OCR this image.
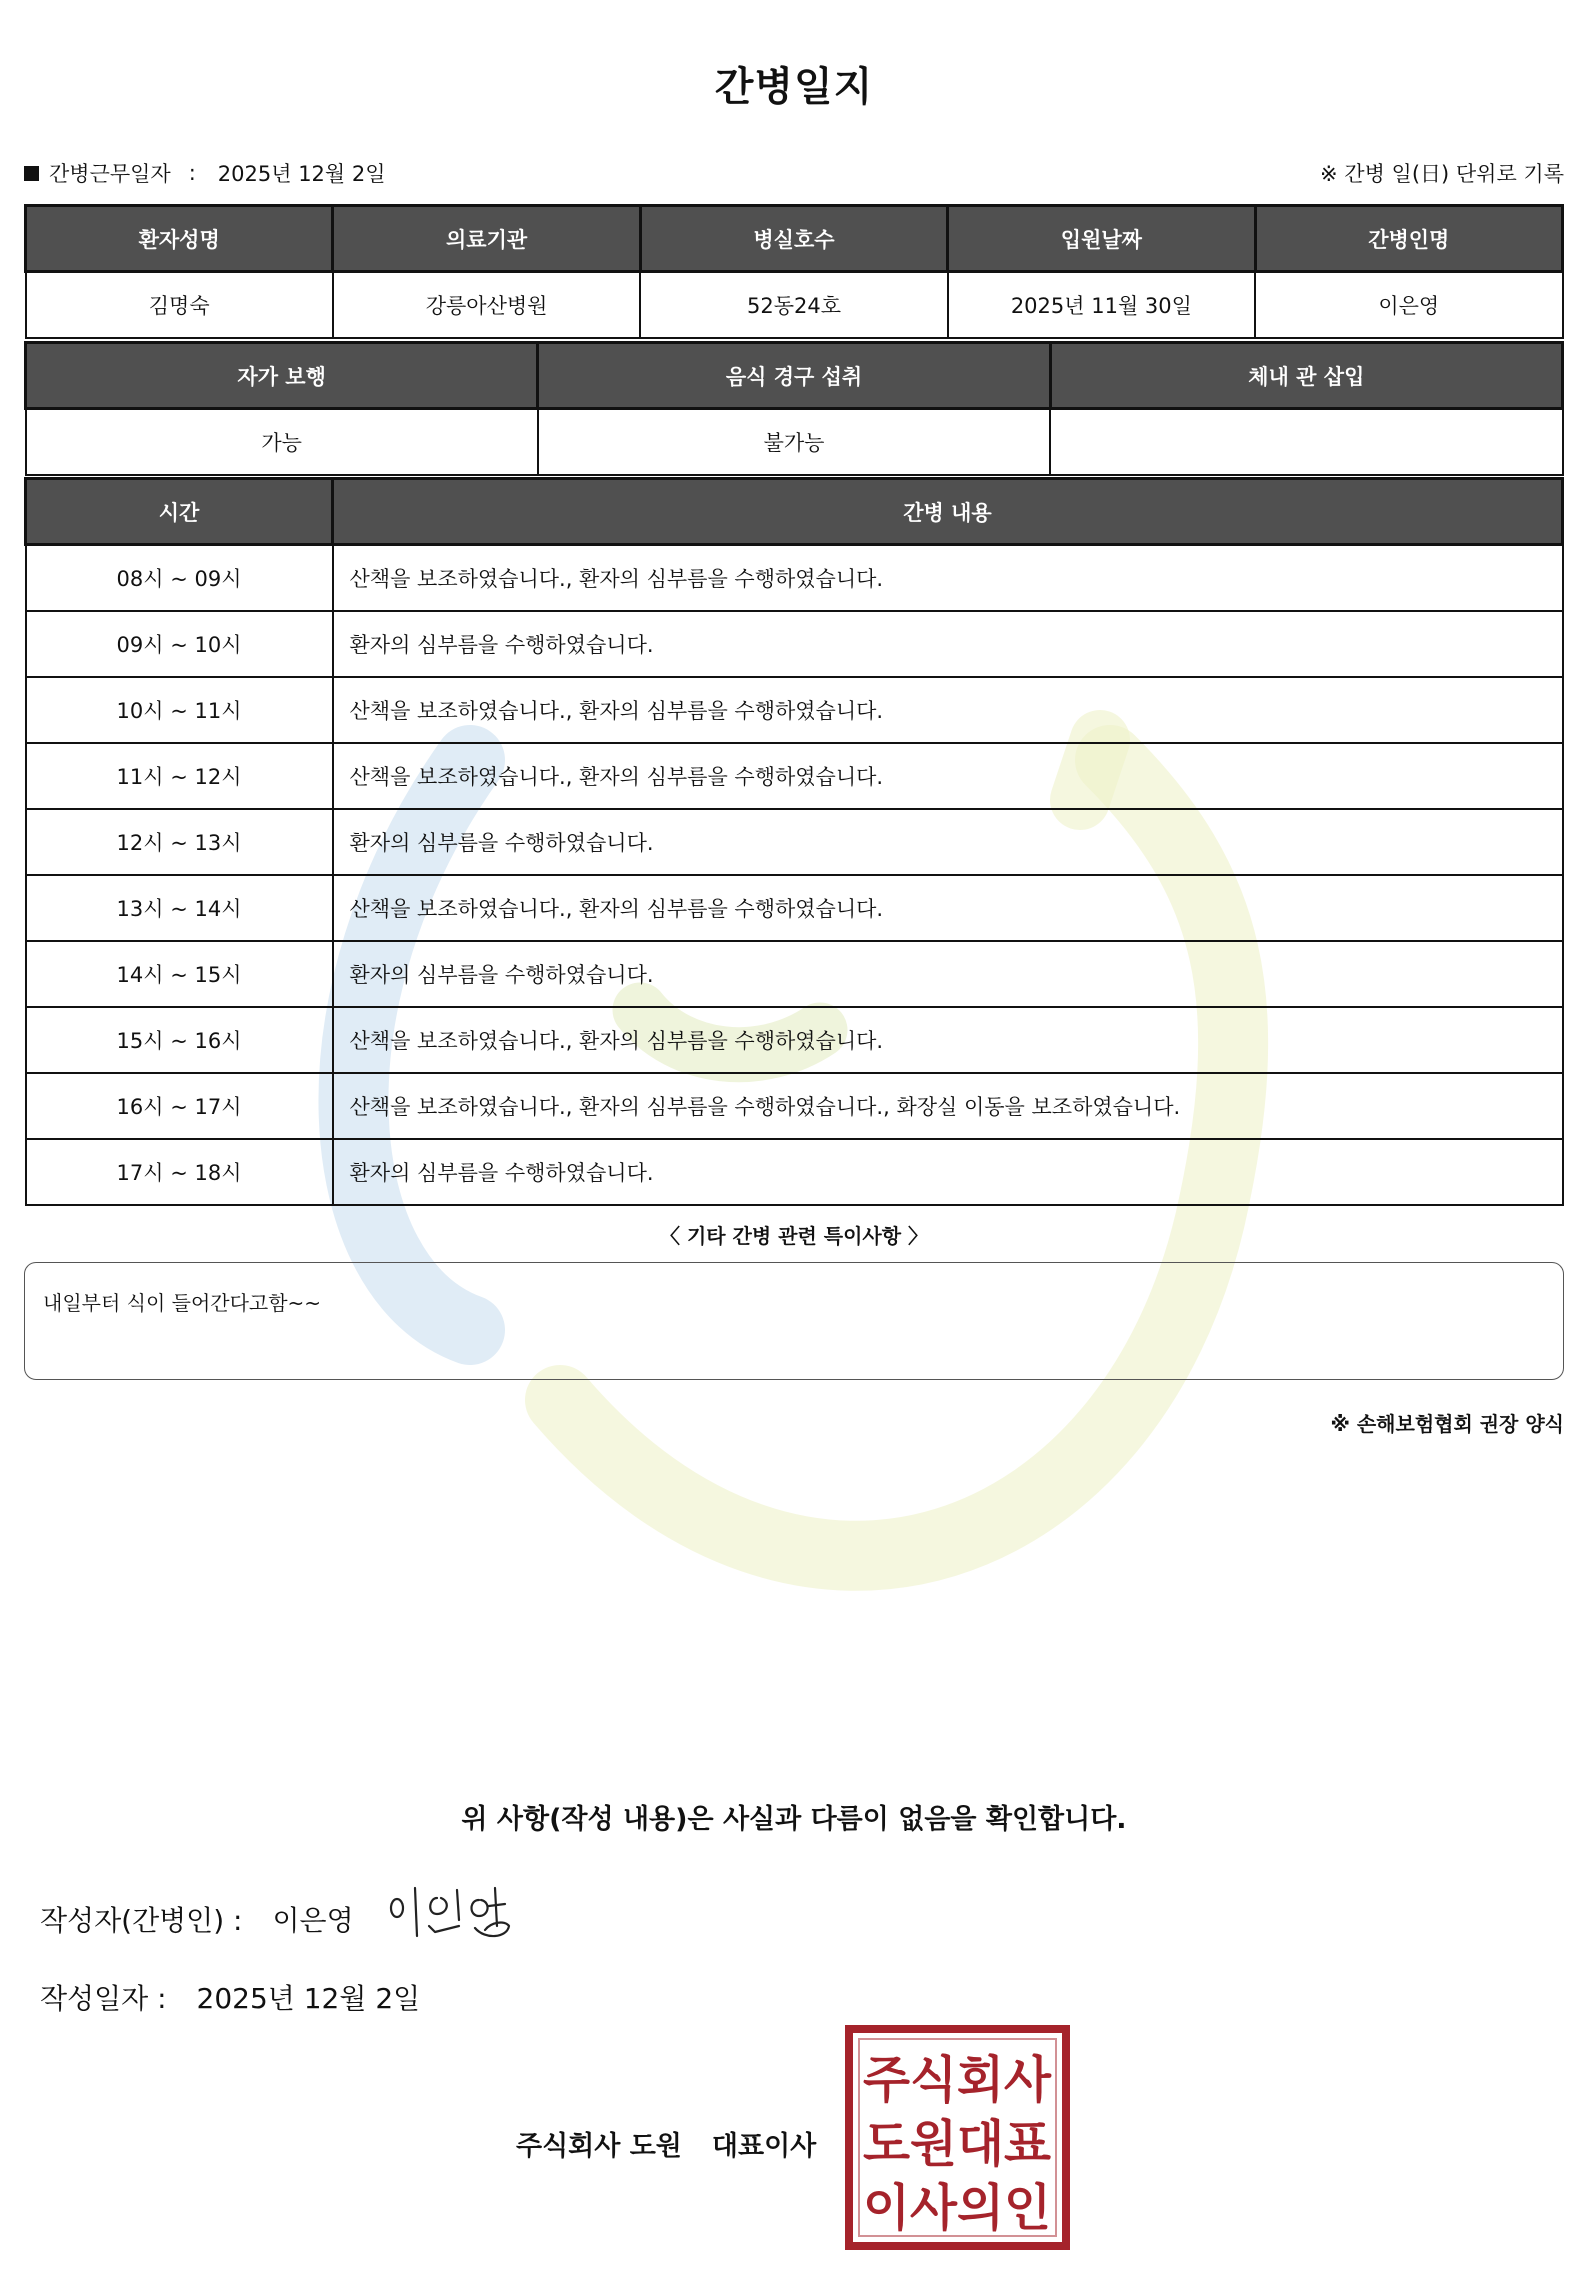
간병일지
간병근무일자 : 2025년 12월 2일	※ 간병 일(日) 단위로 기록
환자성명	의료기관	병실호수	입원날짜	간병인명
김명숙	강릉아산병원	52동24호	2025년 11월 30일	이은영
자가 보행	음식 경구 섭취	체내 관 삽입
가능	불가능	
시간	간병 내용
08시 ~ 09시	산책을 보조하였습니다., 환자의 심부름을 수행하였습니다.
09시 ~ 10시	환자의 심부름을 수행하였습니다.
10시 ~ 11시	산책을 보조하였습니다., 환자의 심부름을 수행하였습니다.
11시 ~ 12시	산책을 보조하였습니다., 환자의 심부름을 수행하였습니다.
12시 ~ 13시	환자의 심부름을 수행하였습니다.
13시 ~ 14시	산책을 보조하였습니다., 환자의 심부름을 수행하였습니다.
14시 ~ 15시	환자의 심부름을 수행하였습니다.
15시 ~ 16시	산책을 보조하였습니다., 환자의 심부름을 수행하였습니다.
16시 ~ 17시	산책을 보조하였습니다., 환자의 심부름을 수행하였습니다., 화장실 이동을 보조하였습니다.
17시 ~ 18시	환자의 심부름을 수행하였습니다.
〈 기타 간병 관련 특이사항 〉
내일부터 식이 들어간다고함~~
※ 손해보험협회 권장 양식
위 사항(작성 내용)은 사실과 다름이 없음을 확인합니다.
작성자(간병인) : 이은영
작성일자 : 2025년 12월 2일
주식회사 도원 대표이사
주식회사
도원대표
이사의인
